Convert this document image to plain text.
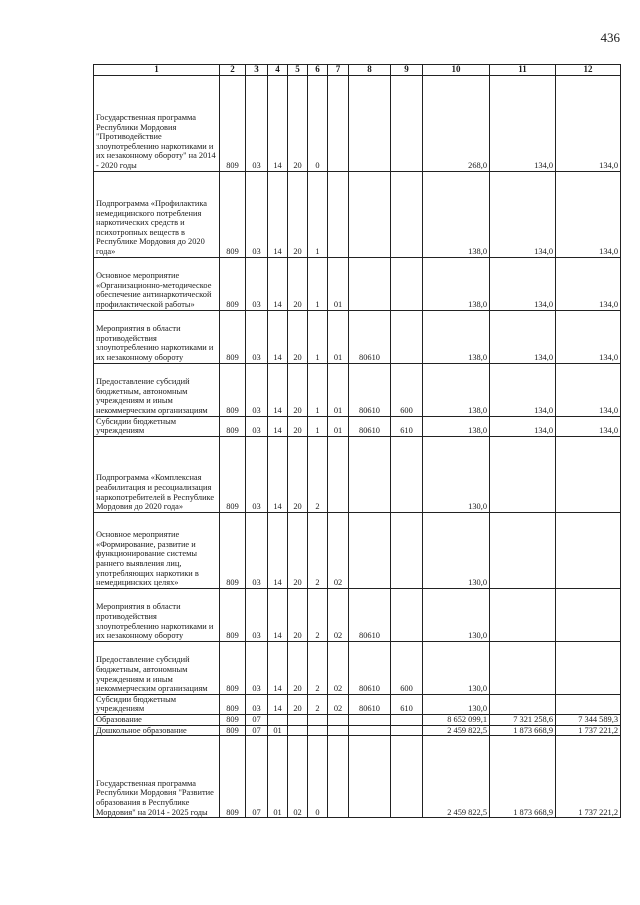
436
1	2	3	4	5	6	7	8	9	10	11	12
Государственная программа Республики Мордовия "Противодействие злоупотреблению наркотиками и их незаконному обороту" на 2014 - 2020 годы	809	03	14	20	0				268,0	134,0	134,0
Подпрограмма «Профилактика немедицинского потребления наркотических средств и психотропных веществ в Республике Мордовия до 2020 года»	809	03	14	20	1				138,0	134,0	134,0
Основное мероприятие «Организационно-методическое обеспечение антинаркотической профилактической работы»	809	03	14	20	1	01			138,0	134,0	134,0
Мероприятия в области противодействия злоупотреблению наркотиками и их незаконному обороту	809	03	14	20	1	01	80610		138,0	134,0	134,0
Предоставление субсидий бюджетным, автономным учреждениям и иным некоммерческим организациям	809	03	14	20	1	01	80610	600	138,0	134,0	134,0
Субсидии бюджетным учреждениям	809	03	14	20	1	01	80610	610	138,0	134,0	134,0
Подпрограмма «Комплексная реабилитация и ресоциализация наркопотребителей в Республике Мордовия до 2020 года»	809	03	14	20	2				130,0		
Основное мероприятие «Формирование, развитие и функционирование системы раннего выявления лиц, употребляющих наркотики в немедицинских целях»	809	03	14	20	2	02			130,0		
Мероприятия в области противодействия злоупотреблению наркотиками и их незаконному обороту	809	03	14	20	2	02	80610		130,0		
Предоставление субсидий бюджетным, автономным учреждениям и иным некоммерческим организациям	809	03	14	20	2	02	80610	600	130,0		
Субсидии бюджетным учреждениям	809	03	14	20	2	02	80610	610	130,0		
Образование	809	07							8 652 099,1	7 321 258,6	7 344 589,3
Дошкольное образование	809	07	01						2 459 822,5	1 873 668,9	1 737 221,2
Государственная программа Республики Мордовия "Развитие образования в Республике Мордовия" на 2014 - 2025 годы	809	07	01	02	0				2 459 822,5	1 873 668,9	1 737 221,2
